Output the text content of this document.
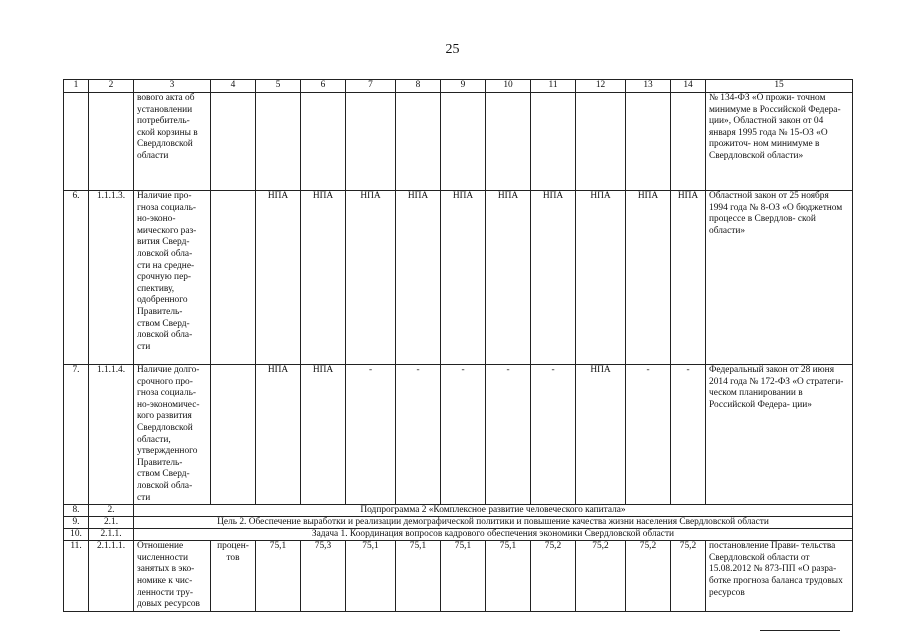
25
1	2	3	4	5	6	7	8	9	10	11	12	13	14	15
		вового акта об установлении потребитель- ской корзины в Свердловской области												№ 134-ФЗ «О прожи- точном минимуме в Российской Федера- ции», Областной закон от 04 января 1995 года № 15-ОЗ «О прожиточ- ном минимуме в Свердловской области»
6.	1.1.1.3.	Наличие про- гноза социаль- но-эконо- мического раз- вития Сверд- ловской обла- сти на средне- срочную пер- спективу, одобренного Правитель- ством Сверд- ловской обла- сти		НПА	НПА	НПА	НПА	НПА	НПА	НПА	НПА	НПА	НПА	Областной закон от 25 ноября 1994 года № 8-ОЗ «О бюджетном процессе в Свердлов- ской области»
7.	1.1.1.4.	Наличие долго- срочного про- гноза социаль- но-экономичес- кого развития Свердловской области, утвержденного Правитель- ством Сверд- ловской обла- сти		НПА	НПА	-	-	-	-	-	НПА	-	-	Федеральный закон от 28 июня 2014 года № 172-ФЗ «О стратеги- ческом планировании в Российской Федера- ции»
8.	2.	Подпрограмма 2 «Комплексное развитие человеческого капитала»												
9.	2.1.	Цель 2. Обеспечение выработки и реализации демографической политики и повышение качества жизни населения Свердловской области												
10.	2.1.1.	Задача 1. Координация вопросов кадрового обеспечения экономики Свердловской области												
11.	2.1.1.1.	Отношение численности занятых в эко- номике к чис- ленности тру- довых ресурсов	процен- тов	75,1	75,3	75,1	75,1	75,1	75,1	75,2	75,2	75,2	75,2	постановление Прави- тельства Свердловской области от 15.08.2012 № 873-ПП «О разра- ботке прогноза баланса трудовых ресурсов
